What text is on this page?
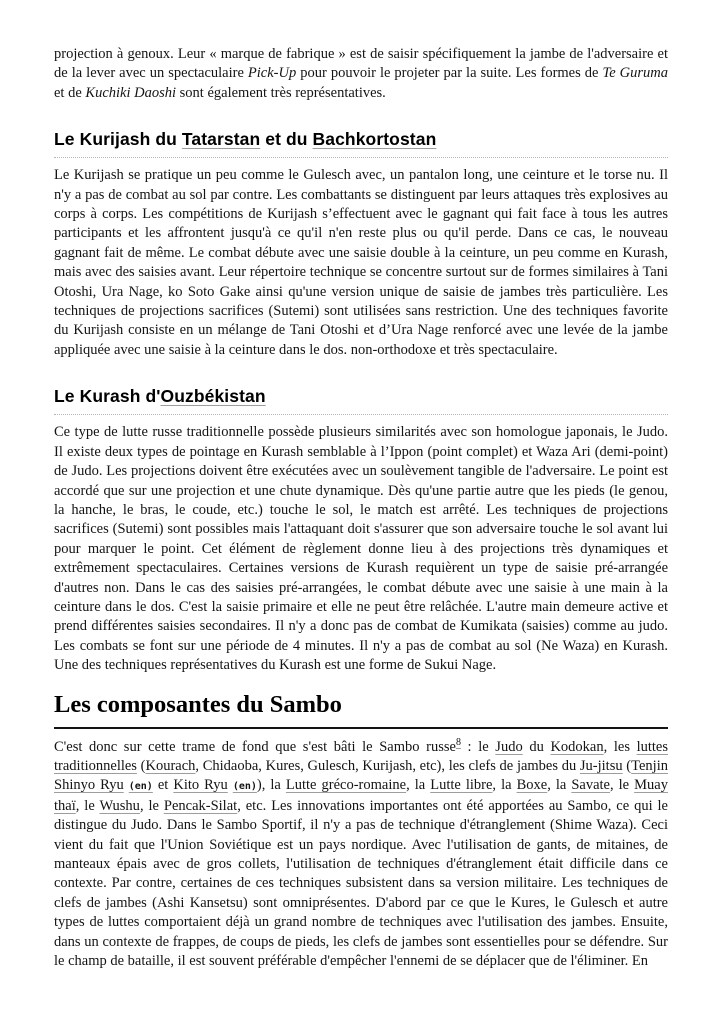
projection à genoux. Leur « marque de fabrique » est de saisir spécifiquement la jambe de l'adversaire et de la lever avec un spectaculaire Pick-Up pour pouvoir le projeter par la suite. Les formes de Te Guruma et de Kuchiki Daoshi sont également très représentatives.

Le Kurijash du Tatarstan et du Bachkortostan

Le Kurijash se pratique un peu comme le Gulesch avec, un pantalon long, une ceinture et le torse nu. Il n'y a pas de combat au sol par contre. Les combattants se distinguent par leurs attaques très explosives au corps à corps. Les compétitions de Kurijash s’effectuent avec le gagnant qui fait face à tous les autres participants et les affrontent jusqu'à ce qu'il n'en reste plus ou qu'il perde. Dans ce cas, le nouveau gagnant fait de même. Le combat débute avec une saisie double à la ceinture, un peu comme en Kurash, mais avec des saisies avant. Leur répertoire technique se concentre surtout sur de formes similaires à Tani Otoshi, Ura Nage, ko Soto Gake ainsi qu'une version unique de saisie de jambes très particulière. Les techniques de projections sacrifices (Sutemi) sont utilisées sans restriction. Une des techniques favorite du Kurijash consiste en un mélange de Tani Otoshi et d’Ura Nage renforcé avec une levée de la jambe appliquée avec une saisie à la ceinture dans le dos. non-orthodoxe et très spectaculaire.

Le Kurash d'Ouzbékistan

Ce type de lutte russe traditionnelle possède plusieurs similarités avec son homologue japonais, le Judo. Il existe deux types de pointage en Kurash semblable à l’Ippon (point complet) et Waza Ari (demi-point) de Judo. Les projections doivent être exécutées avec un soulèvement tangible de l'adversaire. Le point est accordé que sur une projection et une chute dynamique. Dès qu'une partie autre que les pieds (le genou, la hanche, le bras, le coude, etc.) touche le sol, le match est arrêté. Les techniques de projections sacrifices (Sutemi) sont possibles mais l'attaquant doit s'assurer que son adversaire touche le sol avant lui pour marquer le point. Cet élément de règlement donne lieu à des projections très dynamiques et extrêmement spectaculaires. Certaines versions de Kurash requièrent un type de saisie pré-arrangée d'autres non. Dans le cas des saisies pré-arrangées, le combat débute avec une saisie à une main à la ceinture dans le dos. C'est la saisie primaire et elle ne peut être relâchée. L'autre main demeure active et prend différentes saisies secondaires. Il n'y a donc pas de combat de Kumikata (saisies) comme au judo. Les combats se font sur une période de 4 minutes. Il n'y a pas de combat au sol (Ne Waza) en Kurash. Une des techniques représentatives du Kurash est une forme de Sukui Nage.

Les composantes du Sambo

C'est donc sur cette trame de fond que s'est bâti le Sambo russe$^8$ : le Judo du Kodokan, les luttes traditionnelles (Kourach, Chidaoba, Kures, Gulesch, Kurijash, etc), les clefs de jambes du Ju-jitsu (Tenjin Shinyo Ryu (en) et Kito Ryu (en)), la Lutte gréco-romaine, la Lutte libre, la Boxe, la Savate, le Muay thaï, le Wushu, le Pencak-Silat, etc. Les innovations importantes ont été apportées au Sambo, ce qui le distingue du Judo. Dans le Sambo Sportif, il n'y a pas de technique d'étranglement (Shime Waza). Ceci vient du fait que l'Union Soviétique est un pays nordique. Avec l'utilisation de gants, de mitaines, de manteaux épais avec de gros collets, l'utilisation de techniques d'étranglement était difficile dans ce contexte. Par contre, certaines de ces techniques subsistent dans sa version militaire. Les techniques de clefs de jambes (Ashi Kansetsu) sont omniprésentes. D'abord par ce que le Kures, le Gulesch et autre types de luttes comportaient déjà un grand nombre de techniques avec l'utilisation des jambes. Ensuite, dans un contexte de frappes, de coups de pieds, les clefs de jambes sont essentielles pour se défendre. Sur le champ de bataille, il est souvent préférable d'empêcher l'ennemi de se déplacer que de l'éliminer. En
